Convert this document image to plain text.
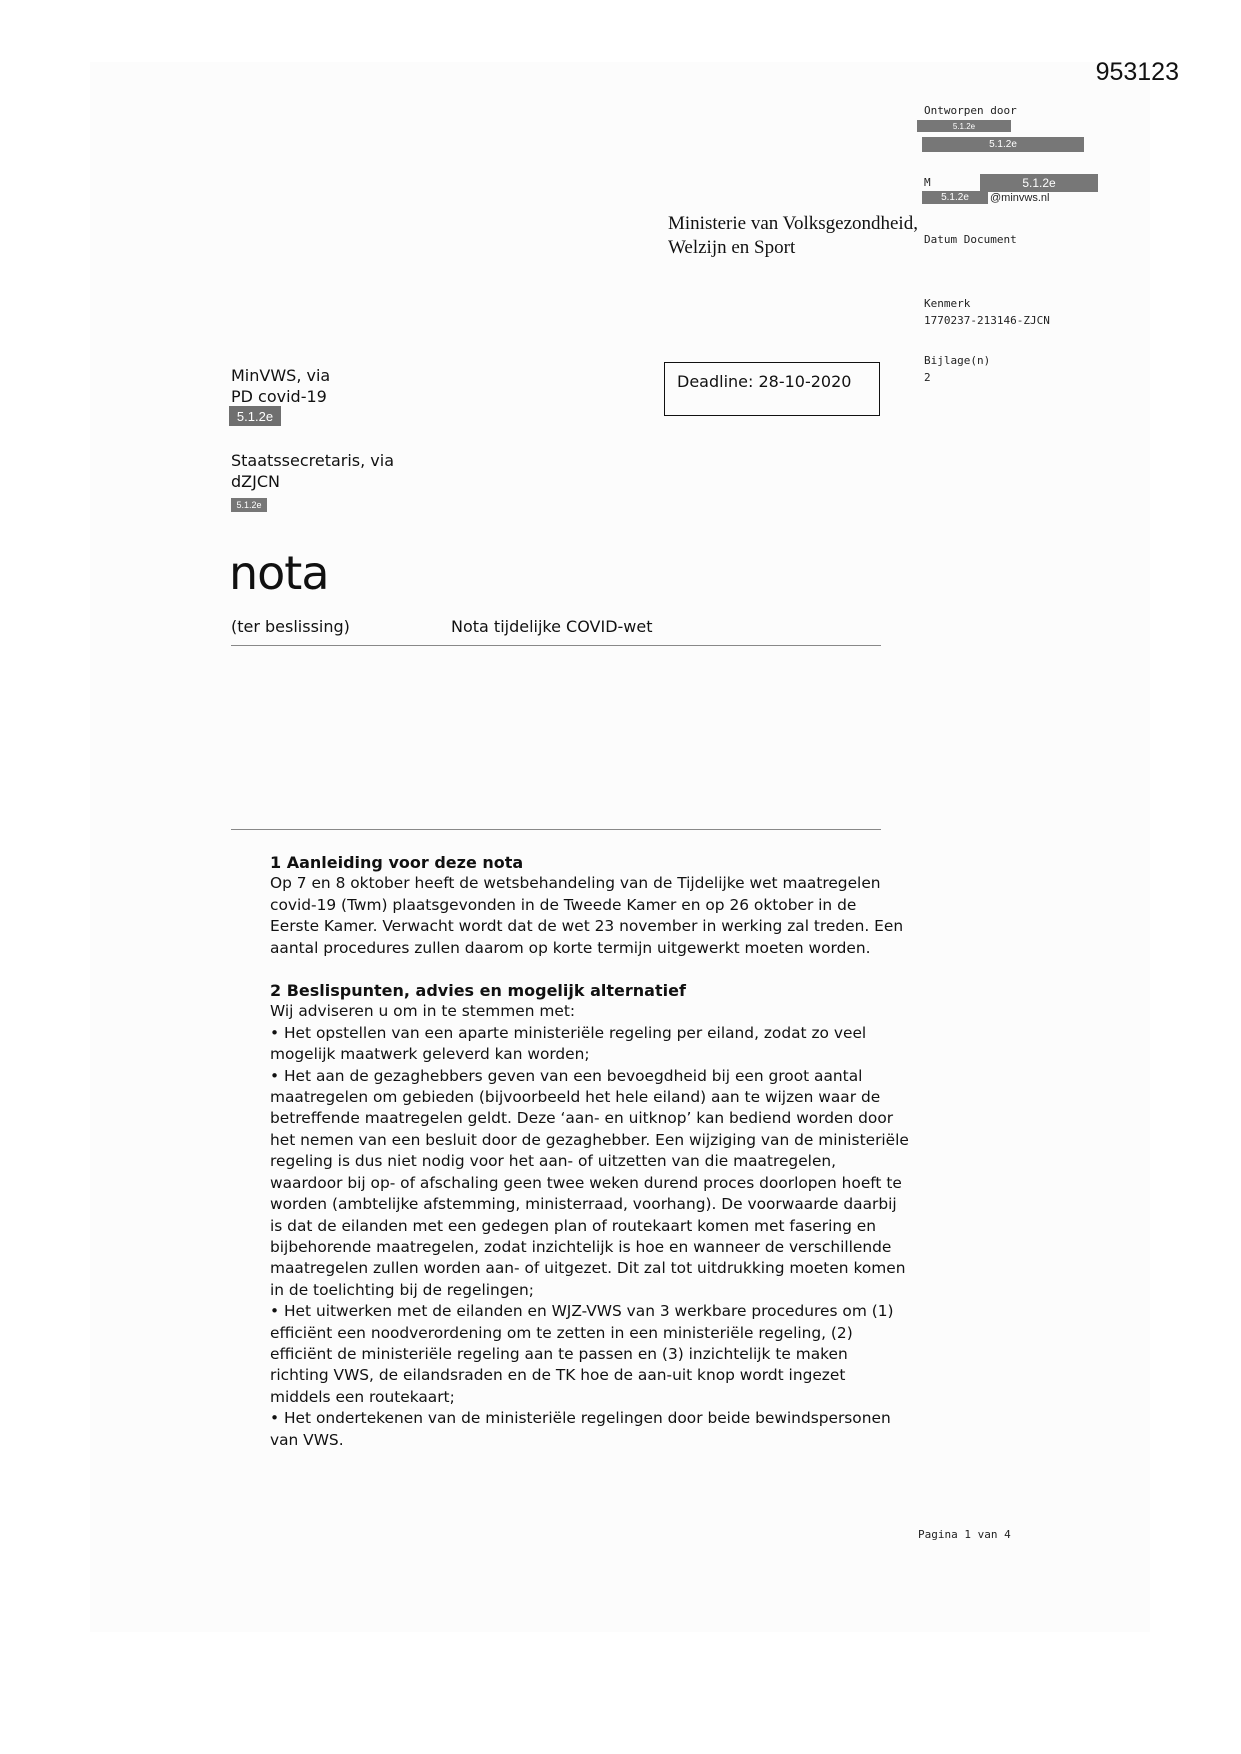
953123
Ontworpen door
5.1.2e
5.1.2e
M	5.1.2e
5.1.2e	@minvws.nl
Datum Document
Kenmerk
1770237-213146-ZJCN
Bijlage(n)
2
Ministerie van Volksgezondheid,
Welzijn en Sport
MinVWS, via
PD covid-19
5.1.2e
Staatssecretaris, via
dZJCN
5.1.2e
Deadline: 28-10-2020
nota
(ter beslissing)	Nota tijdelijke COVID-wet
1 Aanleiding voor deze nota

Op 7 en 8 oktober heeft de wetsbehandeling van de Tijdelijke wet maatregelen covid-19 (Twm) plaatsgevonden in de Tweede Kamer en op 26 oktober in de Eerste Kamer. Verwacht wordt dat de wet 23 november in werking zal treden. Een aantal procedures zullen daarom op korte termijn uitgewerkt moeten worden.

2 Beslispunten, advies en mogelijk alternatief

Wij adviseren u om in te stemmen met:

• Het opstellen van een aparte ministeriële regeling per eiland, zodat zo veel mogelijk maatwerk geleverd kan worden;

• Het aan de gezaghebbers geven van een bevoegdheid bij een groot aantal maatregelen om gebieden (bijvoorbeeld het hele eiland) aan te wijzen waar de betreffende maatregelen geldt. Deze ‘aan- en uitknop’ kan bediend worden door het nemen van een besluit door de gezaghebber. Een wijziging van de ministeriële regeling is dus niet nodig voor het aan- of uitzetten van die maatregelen, waardoor bij op- of afschaling geen twee weken durend proces doorlopen hoeft te worden (ambtelijke afstemming, ministerraad, voorhang). De voorwaarde daarbij is dat de eilanden met een gedegen plan of routekaart komen met fasering en bijbehorende maatregelen, zodat inzichtelijk is hoe en wanneer de verschillende maatregelen zullen worden aan- of uitgezet. Dit zal tot uitdrukking moeten komen in de toelichting bij de regelingen;

• Het uitwerken met de eilanden en WJZ-VWS van 3 werkbare procedures om (1) efficiënt een noodverordening om te zetten in een ministeriële regeling, (2) efficiënt de ministeriële regeling aan te passen en (3) inzichtelijk te maken richting VWS, de eilandsraden en de TK hoe de aan-uit knop wordt ingezet middels een routekaart;

• Het ondertekenen van de ministeriële regelingen door beide bewindspersonen van VWS.

Pagina 1 van 4
